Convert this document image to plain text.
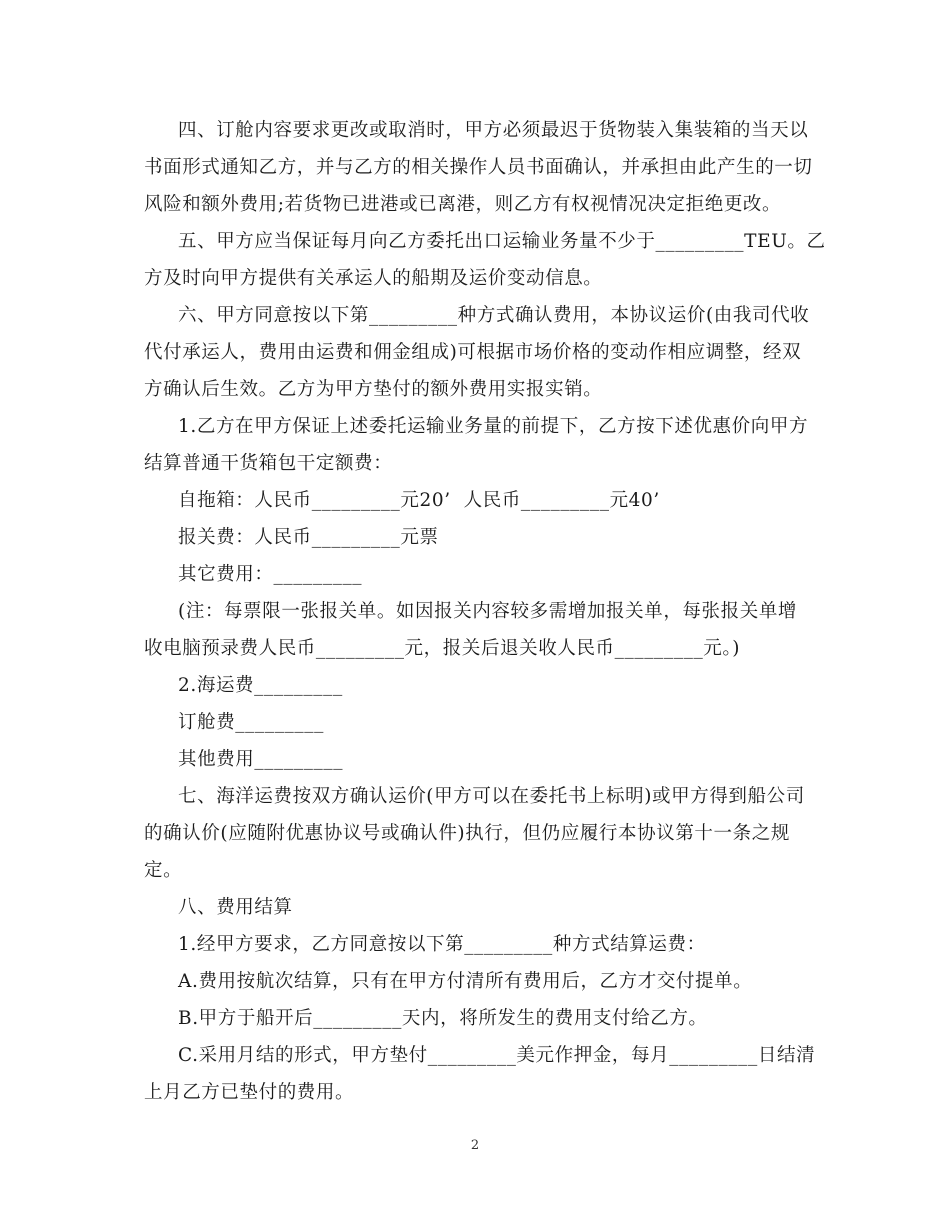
四、订舱内容要求更改或取消时，甲方必须最迟于货物装入集装箱的当天以
书面形式通知乙方，并与乙方的相关操作人员书面确认，并承担由此产生的一切
风险和额外费用;若货物已进港或已离港，则乙方有权视情况决定拒绝更改。
五、甲方应当保证每月向乙方委托出口运输业务量不少于_________TEU。乙
方及时向甲方提供有关承运人的船期及运价变动信息。
六、甲方同意按以下第_________种方式确认费用，本协议运价(由我司代收
代付承运人，费用由运费和佣金组成)可根据市场价格的变动作相应调整，经双
方确认后生效。乙方为甲方垫付的额外费用实报实销。
1.乙方在甲方保证上述委托运输业务量的前提下，乙方按下述优惠价向甲方
结算普通干货箱包干定额费：
自拖箱：人民币_________元20’  人民币_________元40’
报关费：人民币_________元票
其它费用：_________
(注：每票限一张报关单。如因报关内容较多需增加报关单，每张报关单增
收电脑预录费人民币_________元，报关后退关收人民币_________元。)
2.海运费_________
订舱费_________
其他费用_________
七、海洋运费按双方确认运价(甲方可以在委托书上标明)或甲方得到船公司
的确认价(应随附优惠协议号或确认件)执行，但仍应履行本协议第十一条之规
定。
八、费用结算
1.经甲方要求，乙方同意按以下第_________种方式结算运费：
A.费用按航次结算，只有在甲方付清所有费用后，乙方才交付提单。
B.甲方于船开后_________天内，将所发生的费用支付给乙方。
C.采用月结的形式，甲方垫付_________美元作押金，每月_________日结清
上月乙方已垫付的费用。
2
